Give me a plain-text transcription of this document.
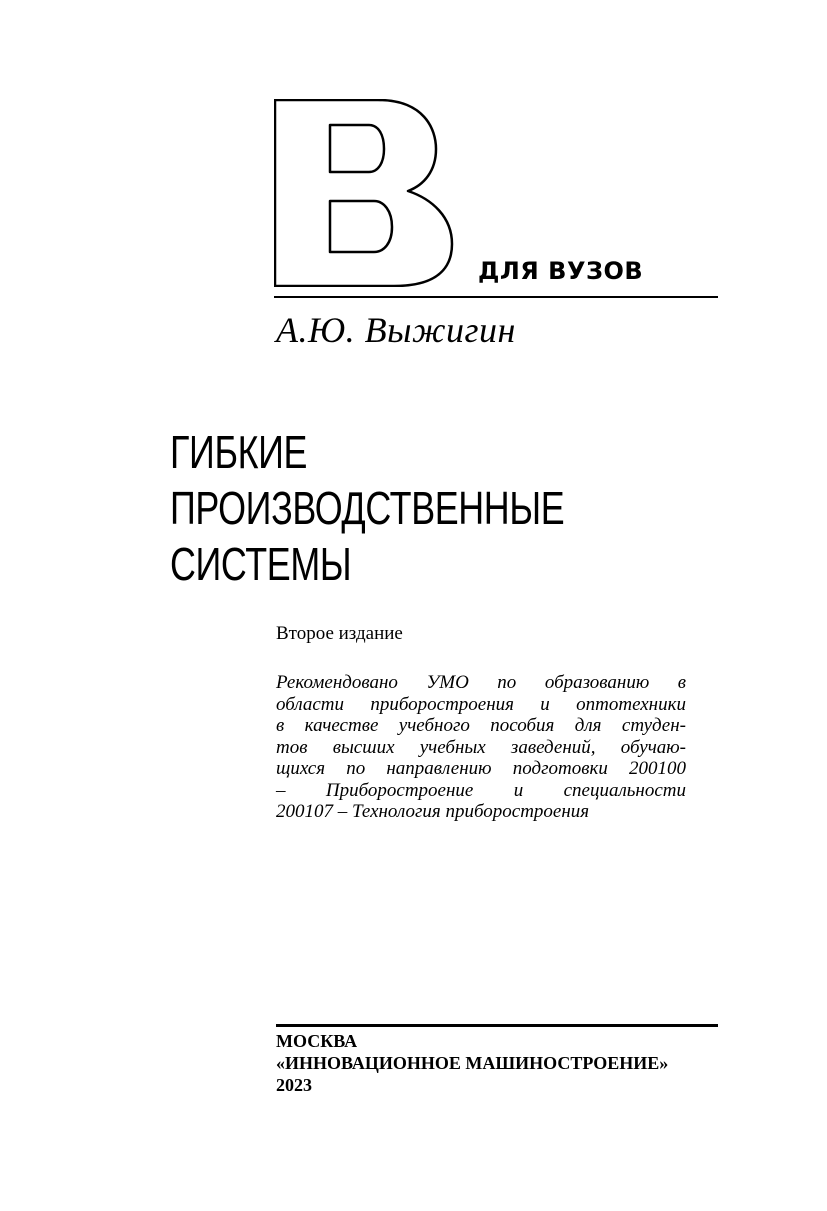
ДЛЯ ВУЗОВ
А.Ю. Выжигин
ГИБКИЕ
ПРОИЗВОДСТВЕННЫЕ
СИСТЕМЫ
Второе издание
Рекомендовано УМО по образованию в
области приборостроения и оптотехники
в качестве учебного пособия для студен-
тов высших учебных заведений, обучаю-
щихся по направлению подготовки 200100
– Приборостроение и специальности
200107 – Технология приборостроения
МОСКВА
«ИННОВАЦИОННОЕ МАШИНОСТРОЕНИЕ»
2023
